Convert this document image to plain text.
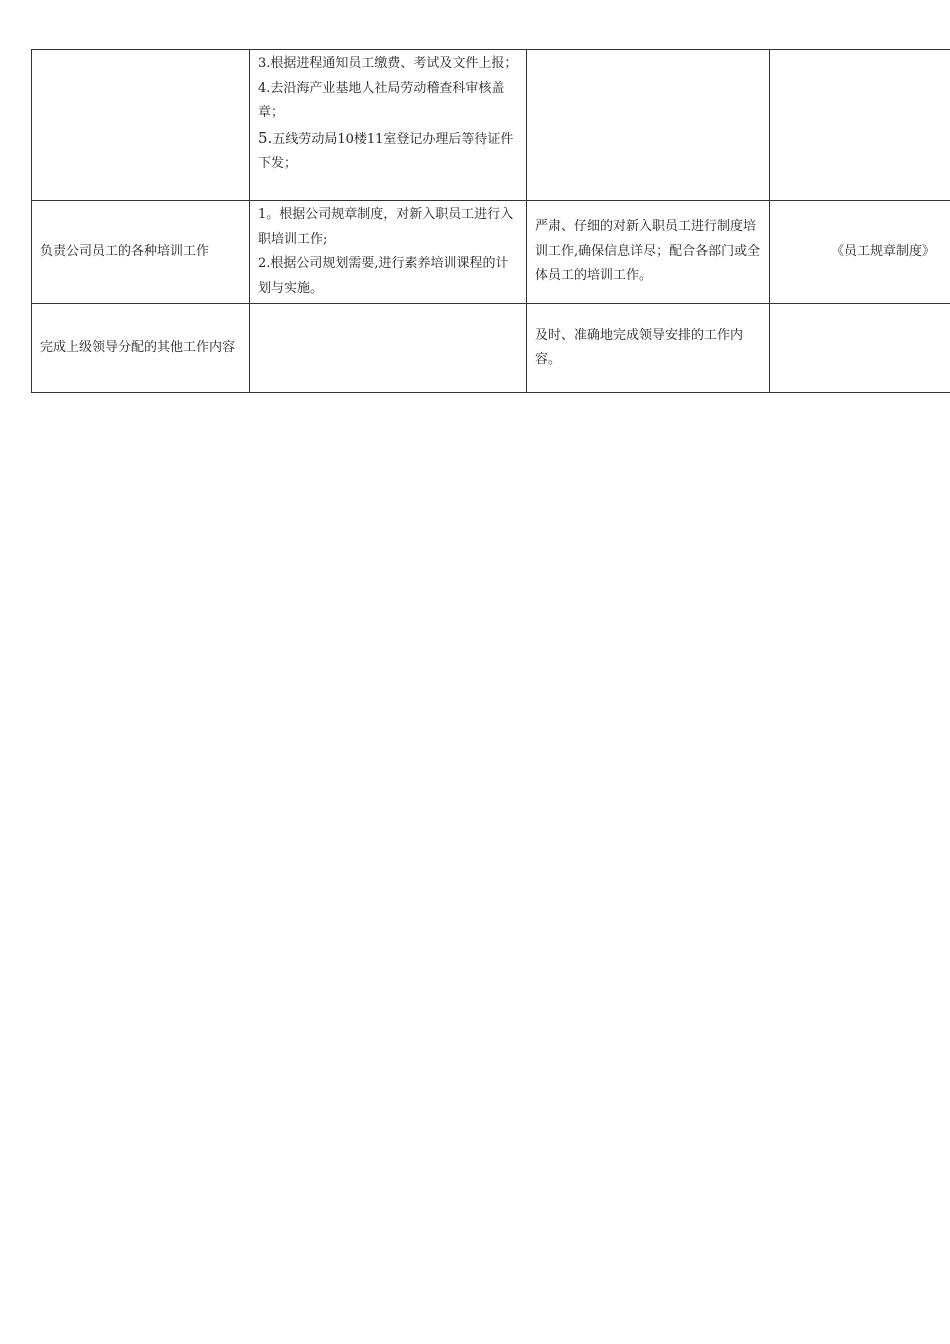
	3.根据进程通知员工缴费、考试及文件上报；
4.去沿海产业基地人社局劳动稽查科审核盖章；
5.五线劳动局10楼11室登记办理后等待证件下发；		

负责公司员工的各种培训工作	1。根据公司规章制度，对新入职员工进行入职培训工作;
2.根据公司规划需要,进行素养培训课程的计划与实施。	严肃、仔细的对新入职员工进行制度培训工作,确保信息详尽；配合各部门或全体员工的培训工作。	《员工规章制度》
完成上级领导分配的其他工作内容		及时、准确地完成领导安排的工作内容。	
